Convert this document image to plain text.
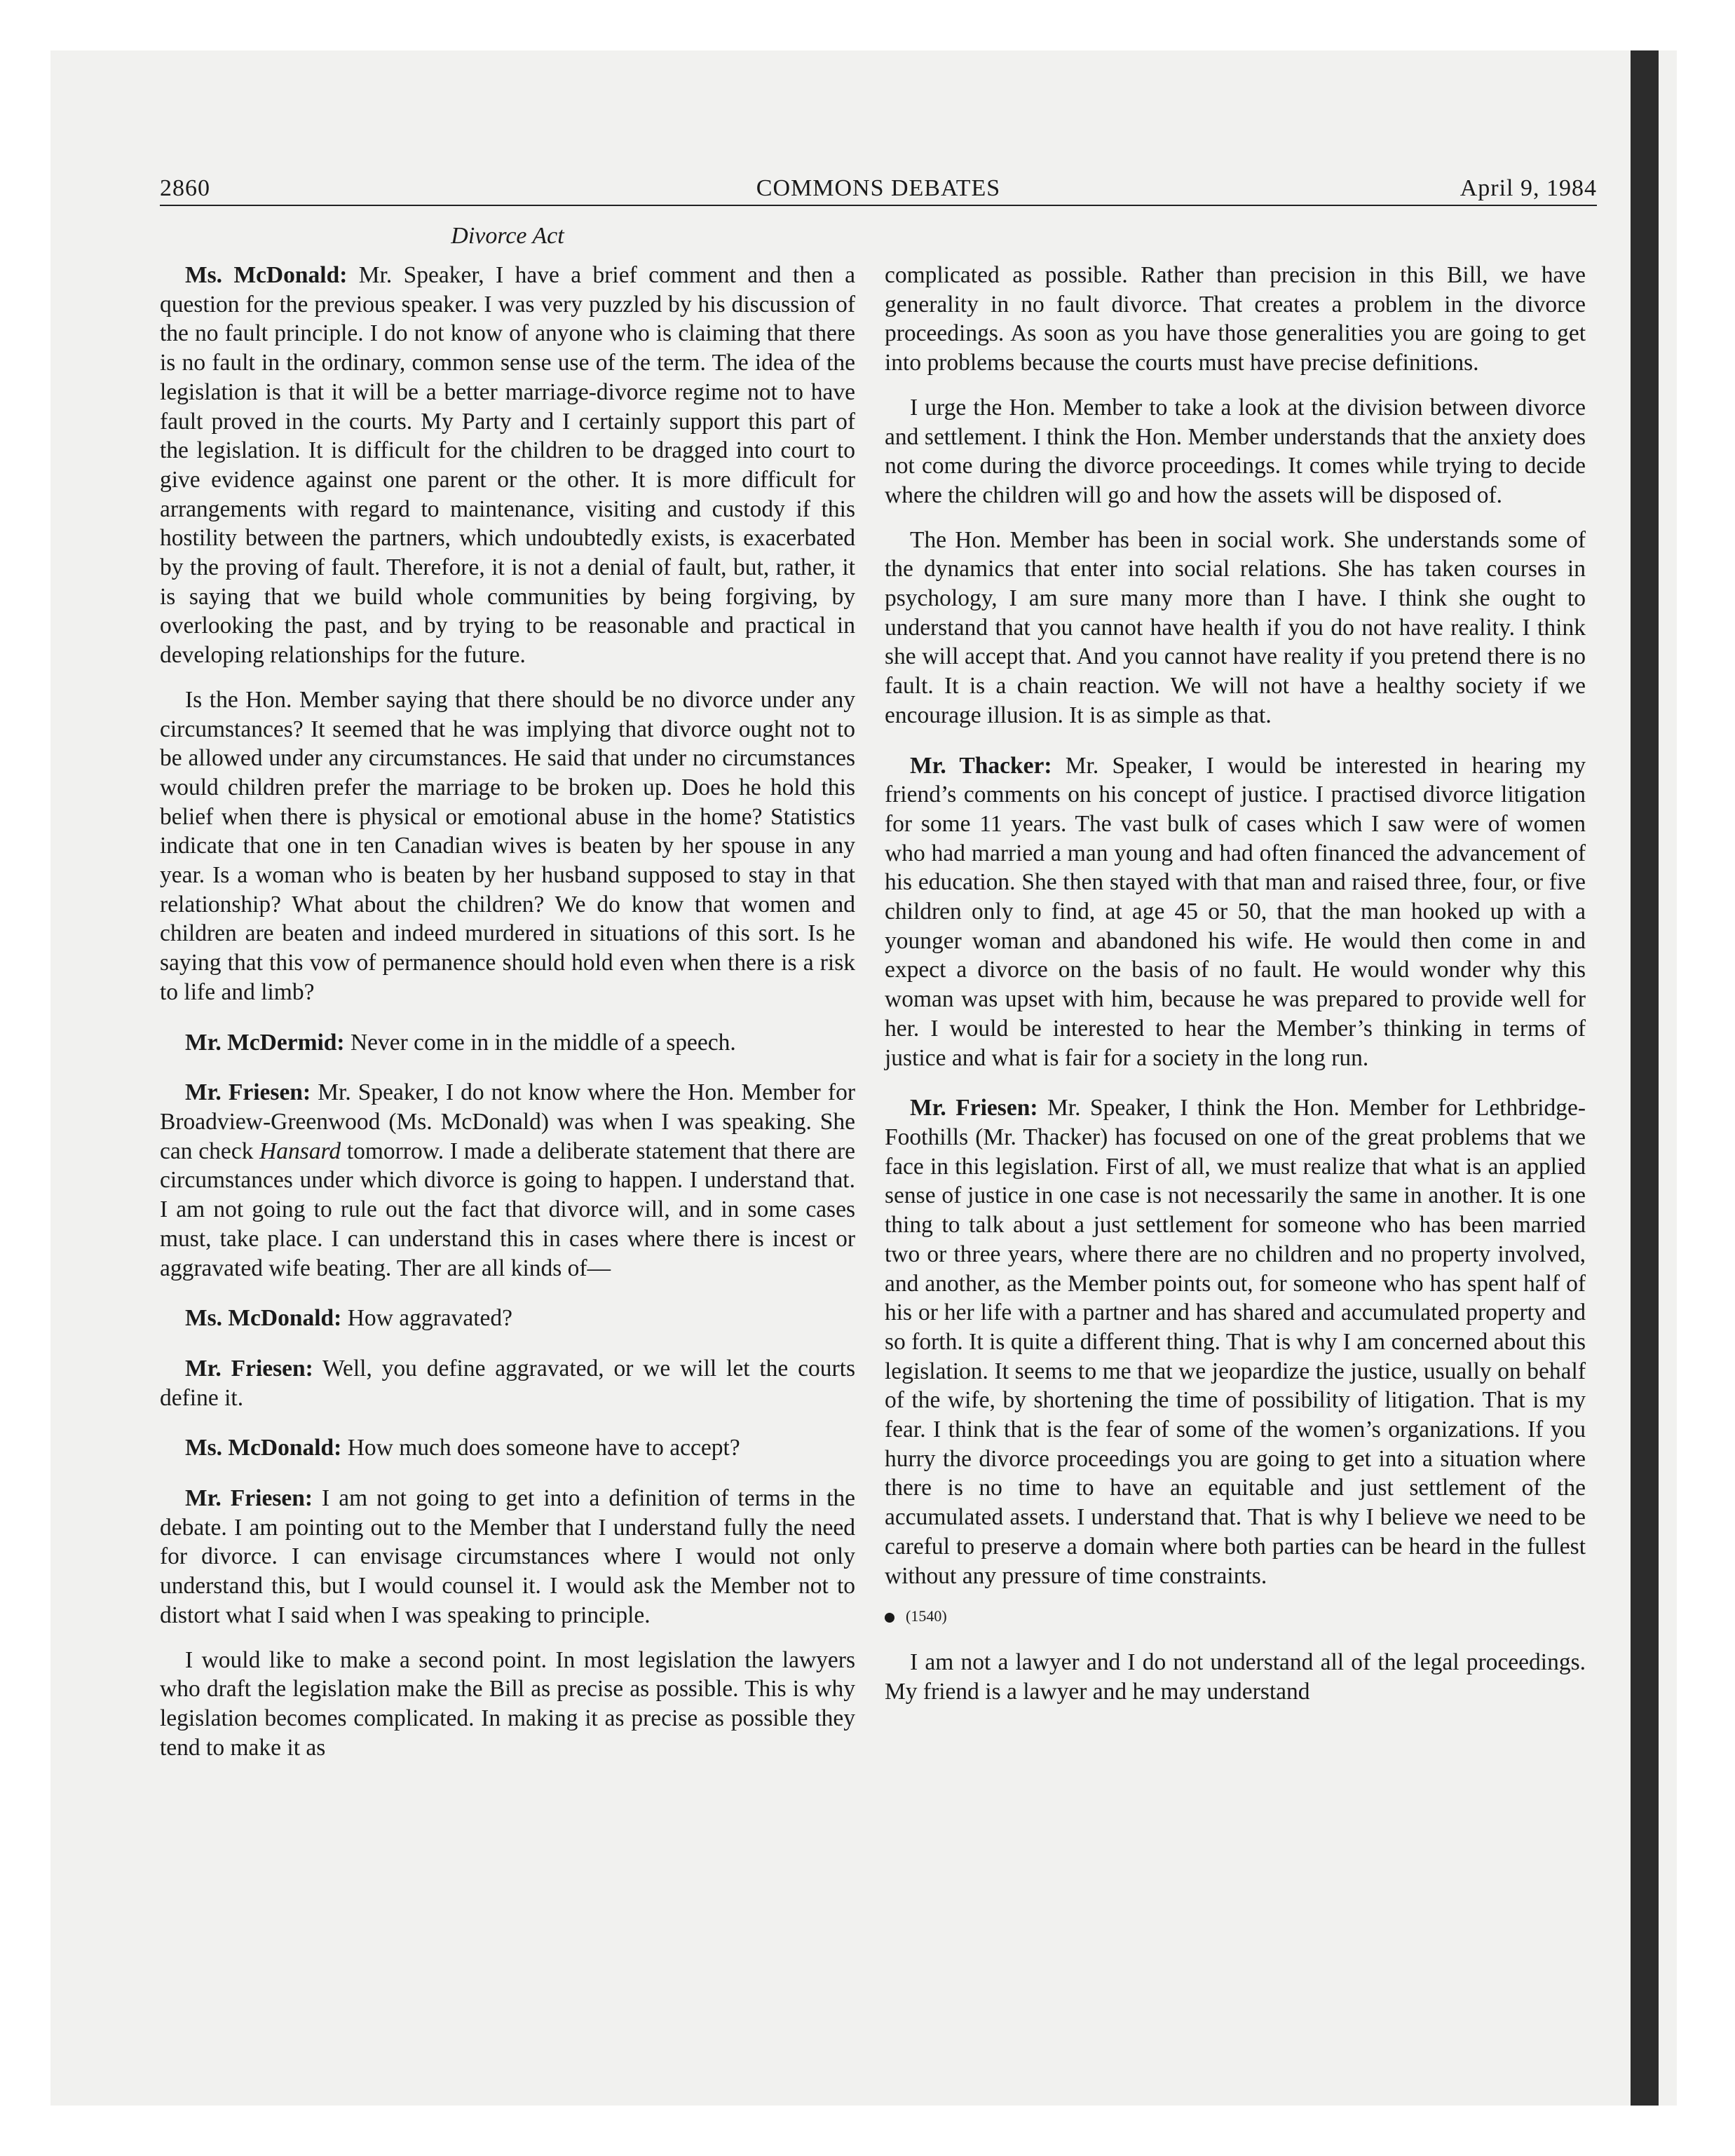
2860	COMMONS DEBATES	April 9, 1984
Divorce Act

Ms. McDonald: Mr. Speaker, I have a brief comment and then a question for the previous speaker. I was very puzzled by his discussion of the no fault principle. I do not know of anyone who is claiming that there is no fault in the ordinary, common sense use of the term. The idea of the legislation is that it will be a better marriage-divorce regime not to have fault proved in the courts. My Party and I certainly support this part of the legislation. It is difficult for the children to be dragged into court to give evidence against one parent or the other. It is more difficult for arrangements with regard to maintenance, visiting and custody if this hostility between the partners, which undoubtedly exists, is exacerbated by the proving of fault. Therefore, it is not a denial of fault, but, rather, it is saying that we build whole communities by being forgiving, by overlooking the past, and by trying to be reasonable and practical in developing relationships for the future.

Is the Hon. Member saying that there should be no divorce under any circumstances? It seemed that he was implying that divorce ought not to be allowed under any circumstances. He said that under no circumstances would children prefer the marriage to be broken up. Does he hold this belief when there is physical or emotional abuse in the home? Statistics indicate that one in ten Canadian wives is beaten by her spouse in any year. Is a woman who is beaten by her husband supposed to stay in that relationship? What about the children? We do know that women and children are beaten and indeed murdered in situations of this sort. Is he saying that this vow of permanence should hold even when there is a risk to life and limb?

Mr. McDermid: Never come in in the middle of a speech.

Mr. Friesen: Mr. Speaker, I do not know where the Hon. Member for Broadview-Greenwood (Ms. McDonald) was when I was speaking. She can check Hansard tomorrow. I made a deliberate statement that there are circumstances under which divorce is going to happen. I understand that. I am not going to rule out the fact that divorce will, and in some cases must, take place. I can understand this in cases where there is incest or aggravated wife beating. Ther are all kinds of—

Ms. McDonald: How aggravated?

Mr. Friesen: Well, you define aggravated, or we will let the courts define it.

Ms. McDonald: How much does someone have to accept?

Mr. Friesen: I am not going to get into a definition of terms in the debate. I am pointing out to the Member that I understand fully the need for divorce. I can envisage circumstances where I would not only understand this, but I would counsel it. I would ask the Member not to distort what I said when I was speaking to principle.

I would like to make a second point. In most legislation the lawyers who draft the legislation make the Bill as precise as possible. This is why legislation becomes complicated. In making it as precise as possible they tend to make it as

complicated as possible. Rather than precision in this Bill, we have generality in no fault divorce. That creates a problem in the divorce proceedings. As soon as you have those generalities you are going to get into problems because the courts must have precise definitions.

I urge the Hon. Member to take a look at the division between divorce and settlement. I think the Hon. Member understands that the anxiety does not come during the divorce proceedings. It comes while trying to decide where the children will go and how the assets will be disposed of.

The Hon. Member has been in social work. She understands some of the dynamics that enter into social relations. She has taken courses in psychology, I am sure many more than I have. I think she ought to understand that you cannot have health if you do not have reality. I think she will accept that. And you cannot have reality if you pretend there is no fault. It is a chain reaction. We will not have a healthy society if we encourage illusion. It is as simple as that.

Mr. Thacker: Mr. Speaker, I would be interested in hearing my friend’s comments on his concept of justice. I practised divorce litigation for some 11 years. The vast bulk of cases which I saw were of women who had married a man young and had often financed the advancement of his education. She then stayed with that man and raised three, four, or five children only to find, at age 45 or 50, that the man hooked up with a younger woman and abandoned his wife. He would then come in and expect a divorce on the basis of no fault. He would wonder why this woman was upset with him, because he was prepared to provide well for her. I would be interested to hear the Member’s thinking in terms of justice and what is fair for a society in the long run.

Mr. Friesen: Mr. Speaker, I think the Hon. Member for Lethbridge-Foothills (Mr. Thacker) has focused on one of the great problems that we face in this legislation. First of all, we must realize that what is an applied sense of justice in one case is not necessarily the same in another. It is one thing to talk about a just settlement for someone who has been married two or three years, where there are no children and no property involved, and another, as the Member points out, for someone who has spent half of his or her life with a partner and has shared and accumulated property and so forth. It is quite a different thing. That is why I am concerned about this legislation. It seems to me that we jeopardize the justice, usually on behalf of the wife, by shortening the time of possibility of litigation. That is my fear. I think that is the fear of some of the women’s organizations. If you hurry the divorce proceedings you are going to get into a situation where there is no time to have an equitable and just settlement of the accumulated assets. I understand that. That is why I believe we need to be careful to preserve a domain where both parties can be heard in the fullest without any pressure of time constraints.

(1540)

I am not a lawyer and I do not understand all of the legal proceedings. My friend is a lawyer and he may understand
